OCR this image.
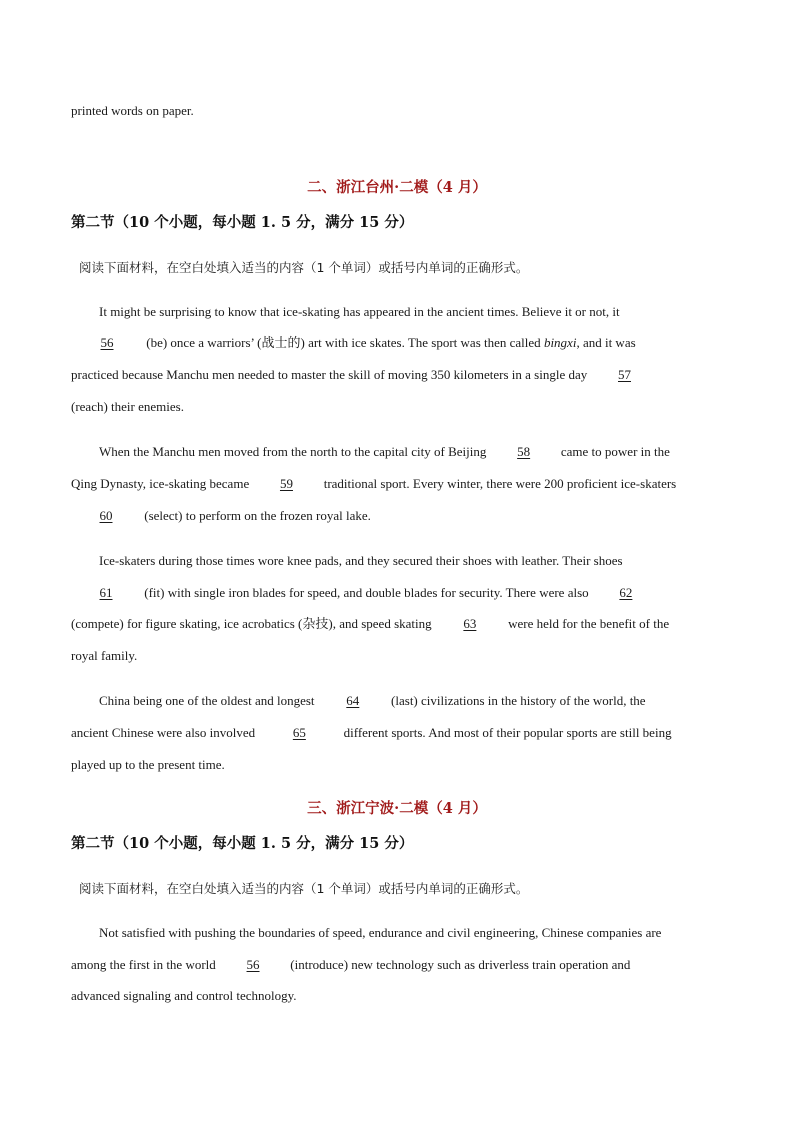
printed words on paper.
二、浙江台州·二模（4 月）
第二节（10 个小题，每小题 1. 5 分，满分 15 分）
阅读下面材料，在空白处填入适当的内容（1 个单词）或括号内单词的正确形式。
It might be surprising to know that ice-skating has appeared in the ancient times. Believe it or not, it
56 (be) once a warriors’ (战士的) art with ice skates. The sport was then called bingxi, and it was
practiced because Manchu men needed to master the skill of moving 350 kilometers in a single day 57
(reach) their enemies.
When the Manchu men moved from the north to the capital city of Beijing 58 came to power in the
Qing Dynasty, ice-skating became 59 traditional sport. Every winter, there were 200 proficient ice-skaters
60 (select) to perform on the frozen royal lake.
Ice-skaters during those times wore knee pads, and they secured their shoes with leather. Their shoes
61 (fit) with single iron blades for speed, and double blades for security. There were also 62
(compete) for figure skating, ice acrobatics (杂技), and speed skating 63 were held for the benefit of the
royal family.
China being one of the oldest and longest 64 (last) civilizations in the history of the world, the
ancient Chinese were also involved	65	different sports. And most of their popular sports are still being
played up to the present time.
三、浙江宁波·二模（4 月）
第二节（10 个小题，每小题 1. 5 分，满分 15 分）
阅读下面材料，在空白处填入适当的内容（1 个单词）或括号内单词的正确形式。
Not satisfied with pushing the boundaries of speed, endurance and civil engineering, Chinese companies are
among the first in the world 56 (introduce) new technology such as driverless train operation and
advanced signaling and control technology.
